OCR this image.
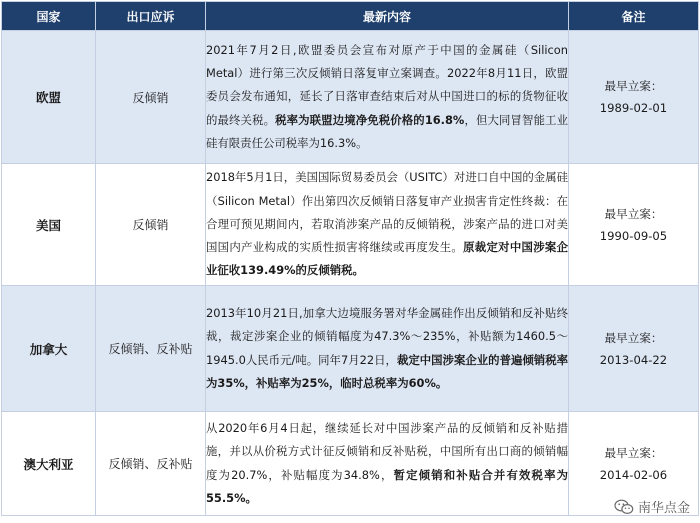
国家	出口应诉	最新内容	备注
欧盟	反倾销	2021年7月2日,欧盟委员会宣布对原产于中国的金属硅（Silicon Metal）进行第三次反倾销日落复审立案调查。2022年8月11日，欧盟委员会发布通知，延长了日落审查结束后对从中国进口的标的货物征收的最终关税。税率为联盟边境净免税价格的16.8%，但大同冒智能工业硅有限责任公司税率为16.3%。	最早立案：
1989-02-01

美国	反倾销	2018年5月1日，美国国际贸易委员会（USITC）对进口自中国的金属硅（Silicon Metal）作出第四次反倾销日落复审产业损害肯定性终裁：在合理可预见期间内，若取消涉案产品的反倾销税，涉案产品的进口对美国国内产业构成的实质性损害将继续或再度发生。原裁定对中国涉案企业征收139.49%的反倾销税。	最早立案：
1990-09-05

加拿大	反倾销、反补贴	2013年10月21日,加拿大边境服务署对华金属硅作出反倾销和反补贴终裁，裁定涉案企业的倾销幅度为47.3%～235%，补贴额为1460.5～1945.0人民币元/吨。同年7月22日，裁定中国涉案企业的普遍倾销税率为35%，补贴率为25%，临时总税率为60%。	最早立案：
2013-04-22

澳大利亚	反倾销、反补贴	从2020年6月4日起，继续延长对中国涉案产品的反倾销和反补贴措施，并以从价税方式计征反倾销和反补贴税，中国所有出口商的倾销幅度为20.7%，补贴幅度为34.8%，暂定倾销和补贴合并有效税率为55.5%。	最早立案：
2014-02-06
南华点金
